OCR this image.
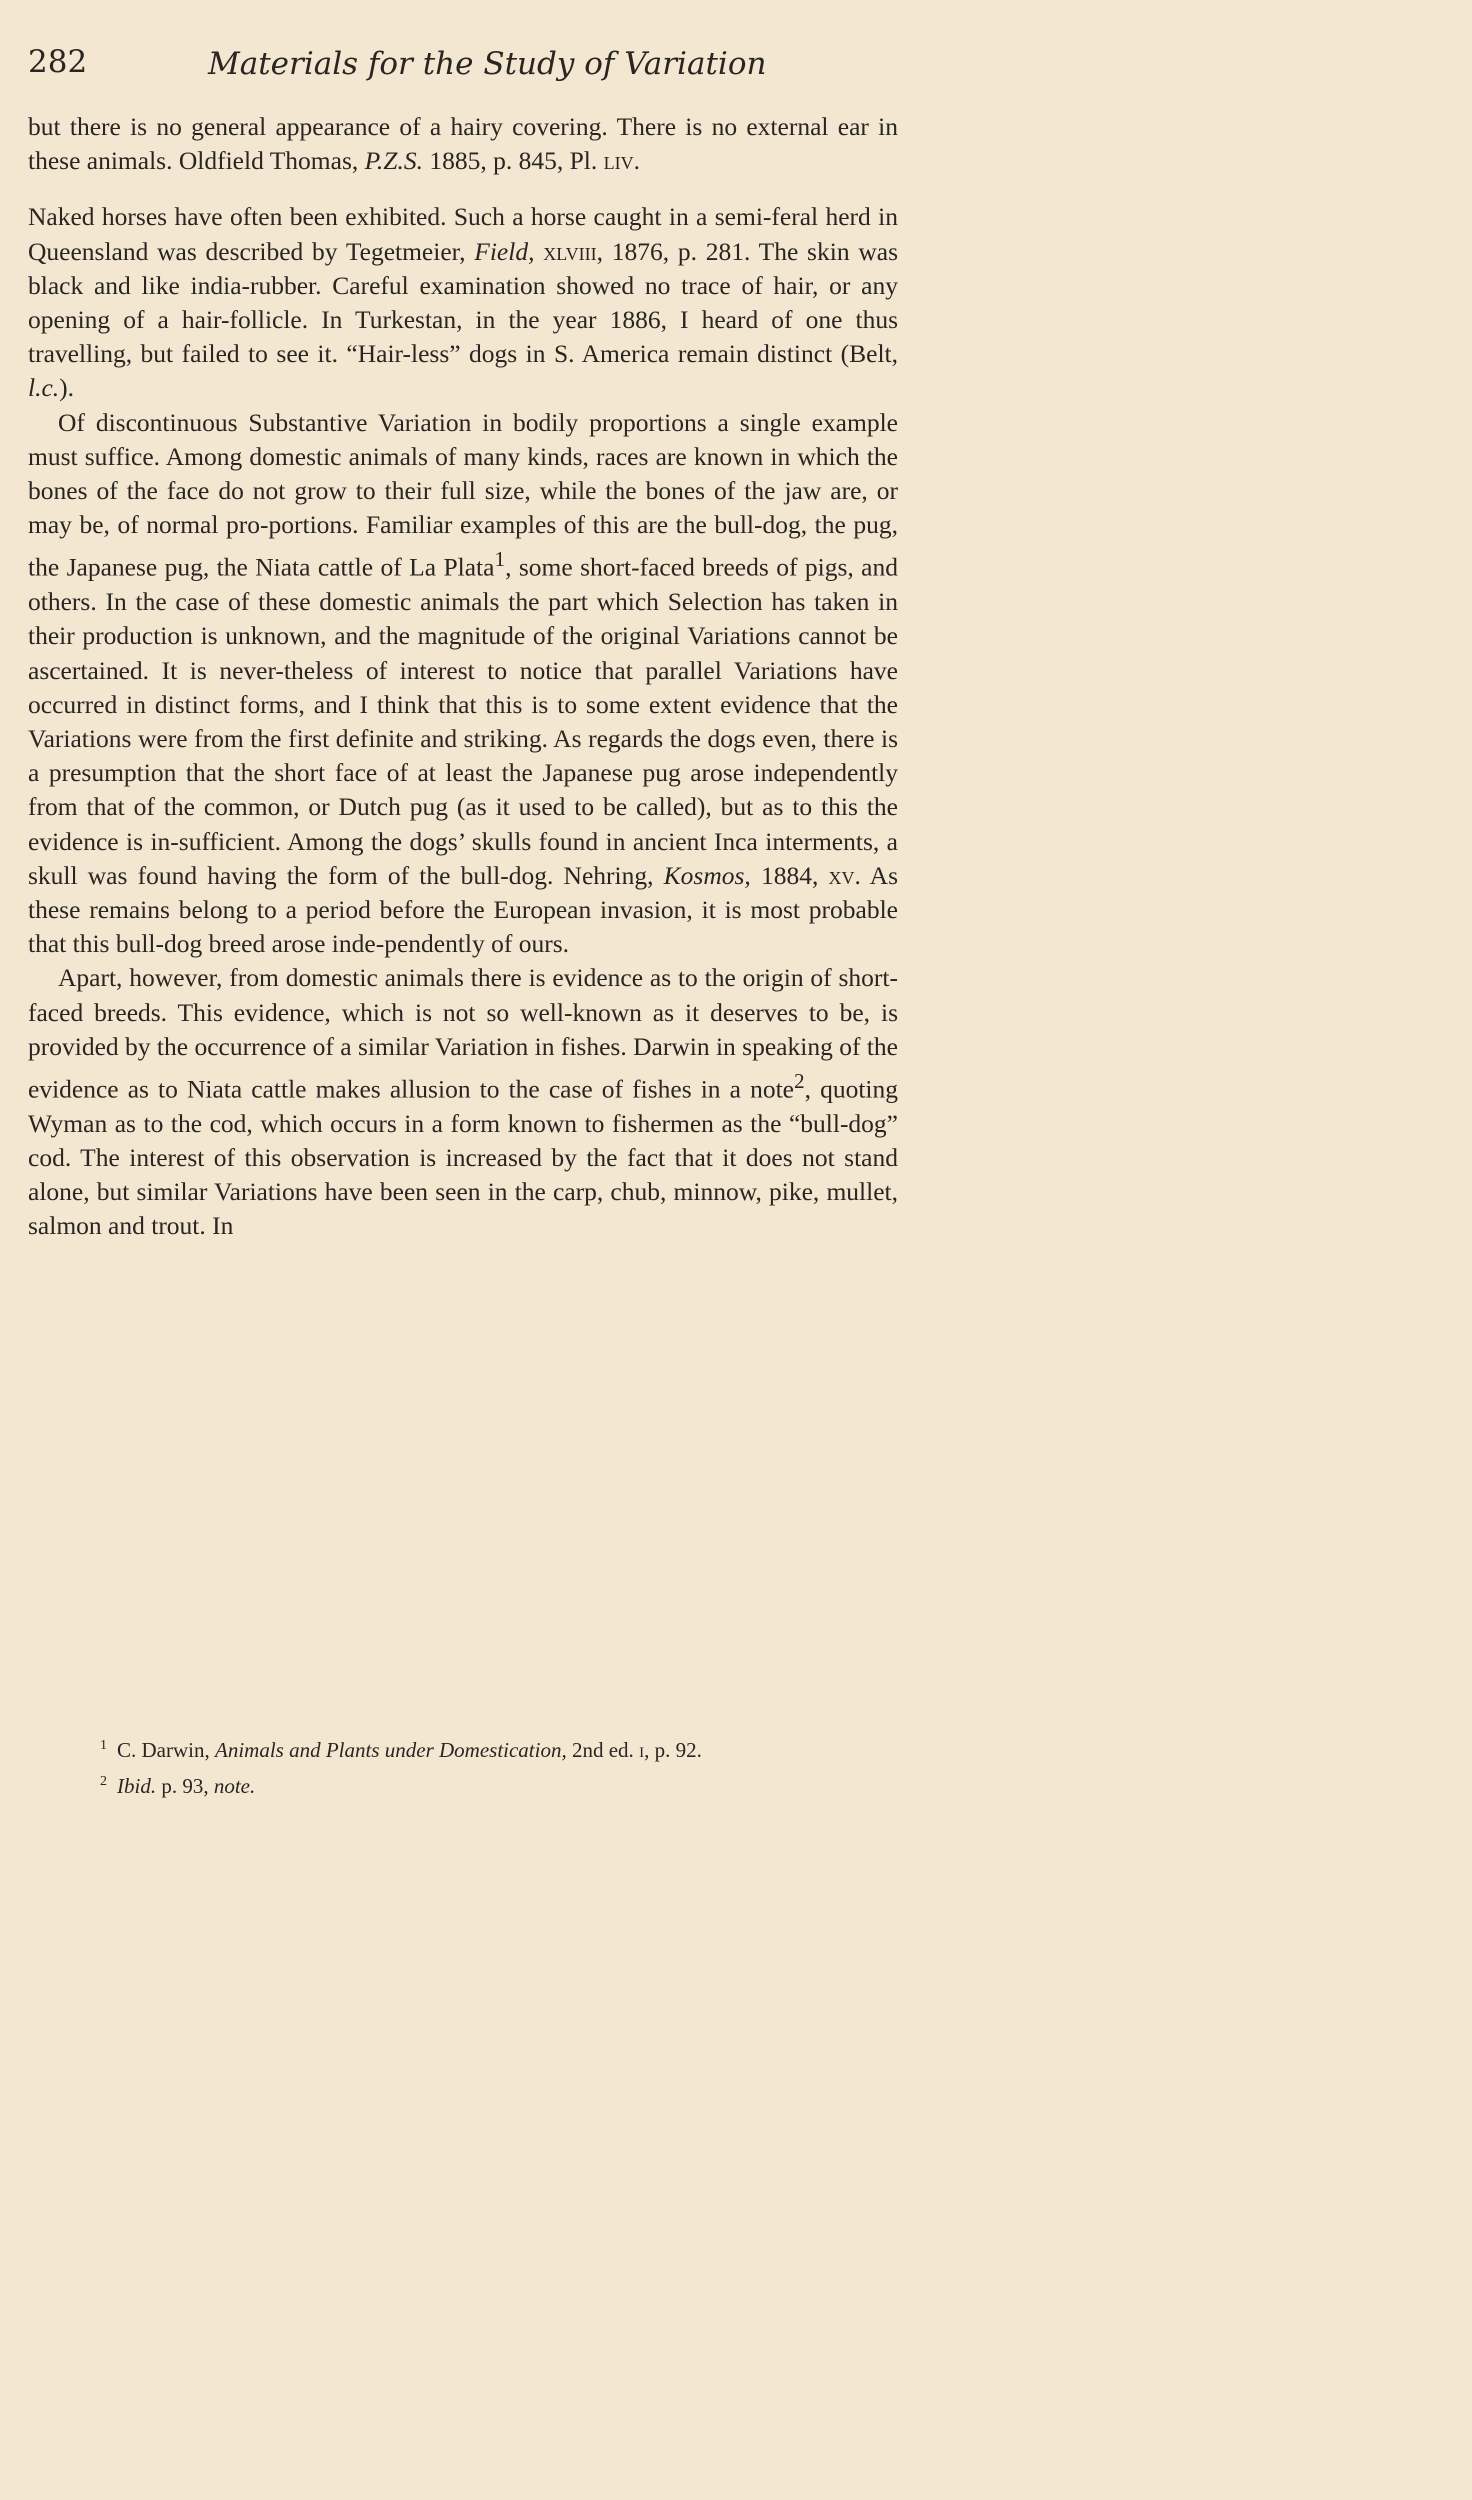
282	Materials for the Study of Variation

but there is no general appearance of a hairy covering. There is no external ear in these animals. Oldfield Thomas, P.Z.S. 1885, p. 845, Pl. liv.

Naked horses have often been exhibited. Such a horse caught in a semi-feral herd in Queensland was described by Tegetmeier, Field, xlviii, 1876, p. 281. The skin was black and like india-rubber. Careful examination showed no trace of hair, or any opening of a hair-follicle. In Turkestan, in the year 1886, I heard of one thus travelling, but failed to see it. “Hair-less” dogs in S. America remain distinct (Belt, l.c.).

Of discontinuous Substantive Variation in bodily proportions a single example must suffice. Among domestic animals of many kinds, races are known in which the bones of the face do not grow to their full size, while the bones of the jaw are, or may be, of normal pro-portions. Familiar examples of this are the bull-dog, the pug, the Japanese pug, the Niata cattle of La Plata$^1$, some short-faced breeds of pigs, and others. In the case of these domestic animals the part which Selection has taken in their production is unknown, and the magnitude of the original Variations cannot be ascertained. It is never-theless of interest to notice that parallel Variations have occurred in distinct forms, and I think that this is to some extent evidence that the Variations were from the first definite and striking. As regards the dogs even, there is a presumption that the short face of at least the Japanese pug arose independently from that of the common, or Dutch pug (as it used to be called), but as to this the evidence is in-sufficient. Among the dogs’ skulls found in ancient Inca interments, a skull was found having the form of the bull-dog. Nehring, Kosmos, 1884, xv. As these remains belong to a period before the European invasion, it is most probable that this bull-dog breed arose inde-pendently of ours.

Apart, however, from domestic animals there is evidence as to the origin of short-faced breeds. This evidence, which is not so well-known as it deserves to be, is provided by the occurrence of a similar Variation in fishes. Darwin in speaking of the evidence as to Niata cattle makes allusion to the case of fishes in a note$^2$, quoting Wyman as to the cod, which occurs in a form known to fishermen as the “bull-dog” cod. The interest of this observation is increased by the fact that it does not stand alone, but similar Variations have been seen in the carp, chub, minnow, pike, mullet, salmon and trout. In

$^1$ C. Darwin, Animals and Plants under Domestication, 2nd ed. i, p. 92.

$^2$ Ibid. p. 93, note.
